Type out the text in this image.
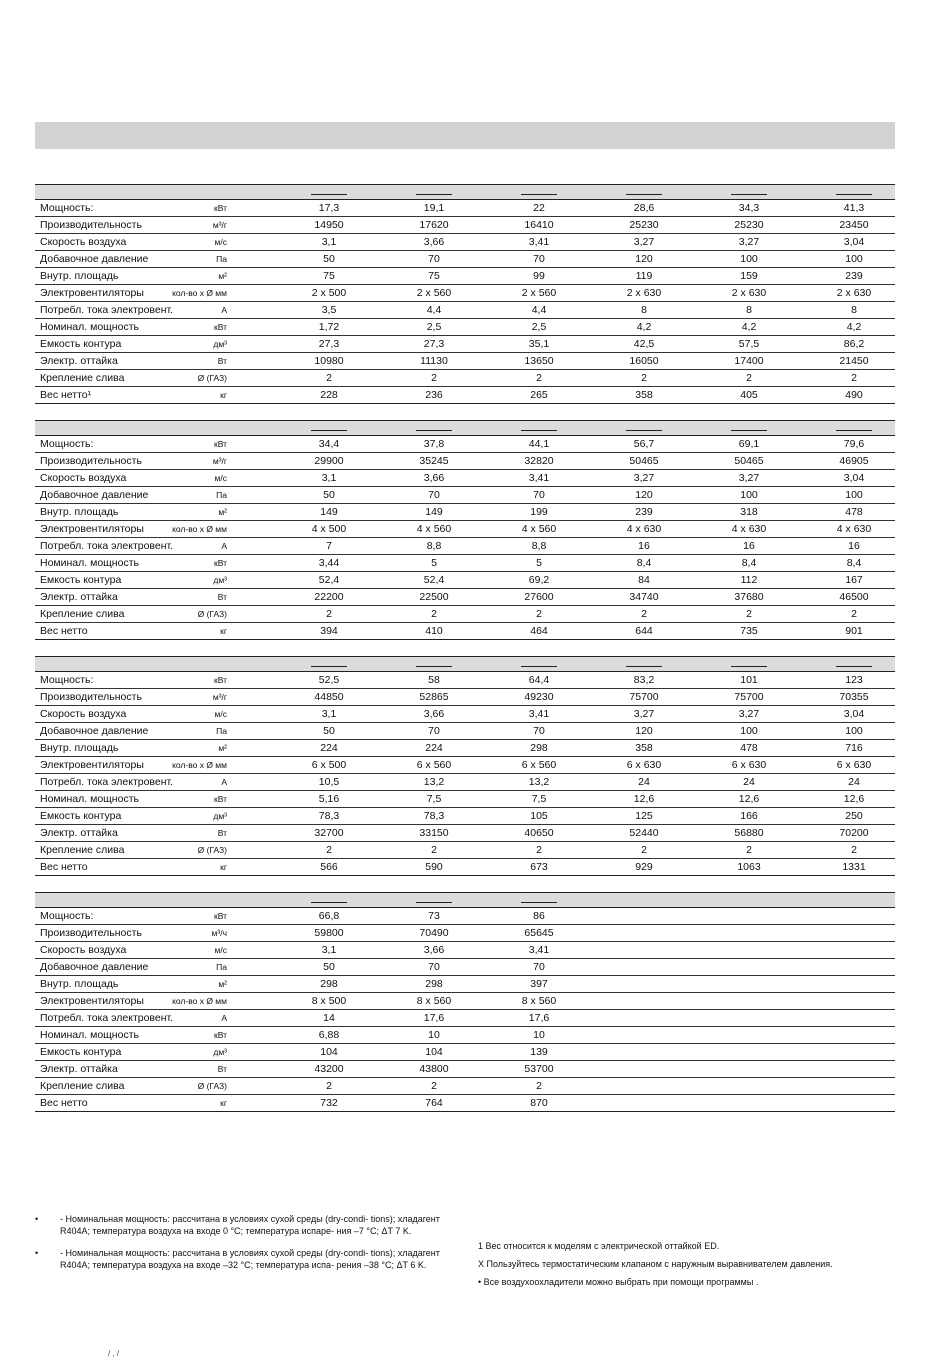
Мощность:	кВт	17,3	19,1	22	28,6	34,3	41,3
Производительность	м³/г	14950	17620	16410	25230	25230	23450
Скорость воздуха	м/с	3,1	3,66	3,41	3,27	3,27	3,04
Добавочное давление	Па	50	70	70	120	100	100
Внутр. площадь	м²	75	75	99	119	159	239
Электровентиляторы	кол-во x Ø мм	2 x 500	2 x 560	2 x 560	2 x 630	2 x 630	2 x 630
Потребл. тока электровент.	А	3,5	4,4	4,4	8	8	8
Номинал. мощность	кВт	1,72	2,5	2,5	4,2	4,2	4,2
Емкость контура	дм³	27,3	27,3	35,1	42,5	57,5	86,2
Электр. оттайка	Вт	10980	11130	13650	16050	17400	21450
Крепление слива	Ø (ГАЗ)	2	2	2	2	2	2
Вес нетто¹	кг	228	236	265	358	405	490
Мощность:	кВт	34,4	37,8	44,1	56,7	69,1	79,6
Производительность	м³/г	29900	35245	32820	50465	50465	46905
Скорость воздуха	м/с	3,1	3,66	3,41	3,27	3,27	3,04
Добавочное давление	Па	50	70	70	120	100	100
Внутр. площадь	м²	149	149	199	239	318	478
Электровентиляторы	кол-во x Ø мм	4 x 500	4 x 560	4 x 560	4 x 630	4 x 630	4 x 630
Потребл. тока электровент.	А	7	8,8	8,8	16	16	16
Номинал. мощность	кВт	3,44	5	5	8,4	8,4	8,4
Емкость контура	дм³	52,4	52,4	69,2	84	112	167
Электр. оттайка	Вт	22200	22500	27600	34740	37680	46500
Крепление слива	Ø (ГАЗ)	2	2	2	2	2	2
Вес нетто	кг	394	410	464	644	735	901
Мощность:	кВт	52,5	58	64,4	83,2	101	123
Производительность	м³/г	44850	52865	49230	75700	75700	70355
Скорость воздуха	м/с	3,1	3,66	3,41	3,27	3,27	3,04
Добавочное давление	Па	50	70	70	120	100	100
Внутр. площадь	м²	224	224	298	358	478	716
Электровентиляторы	кол-во x Ø мм	6 x 500	6 x 560	6 x 560	6 x 630	6 x 630	6 x 630
Потребл. тока электровент.	А	10,5	13,2	13,2	24	24	24
Номинал. мощность	кВт	5,16	7,5	7,5	12,6	12,6	12,6
Емкость контура	дм³	78,3	78,3	105	125	166	250
Электр. оттайка	Вт	32700	33150	40650	52440	56880	70200
Крепление слива	Ø (ГАЗ)	2	2	2	2	2	2
Вес нетто	кг	566	590	673	929	1063	1331
Мощность:	кВт	66,8	73	86
Производительность	м³/ч	59800	70490	65645
Скорость воздуха	м/с	3,1	3,66	3,41
Добавочное давление	Па	50	70	70
Внутр. площадь	м²	298	298	397
Электровентиляторы	кол-во x Ø мм	8 x 500	8 x 560	8 x 560
Потребл. тока электровент.	А	14	17,6	17,6
Номинал. мощность	кВт	6,88	10	10
Емкость контура	дм³	104	104	139
Электр. оттайка	Вт	43200	43800	53700
Крепление слива	Ø (ГАЗ)	2	2	2
Вес нетто	кг	732	764	870
• - Номинальная мощность: рассчитана в условиях сухой среды (dry-condi- tions); хладагент R404A; температура воздуха на входе 0 °C; температура испаре- ния –7 °C; ΔT 7 K.
• - Номинальная мощность: рассчитана в условиях сухой среды (dry-condi- tions); хладагент R404A; температура воздуха на входе –32 °C; температура испа- рения –38 °C; ΔT 6 K.
1 Вес относится к моделям с электрической оттайкой ED.
X Пользуйтесь термостатическим клапаном с наружным выравнивателем давления.
• Все воздухоохладители можно выбрать при помощи программы .
/ , /
